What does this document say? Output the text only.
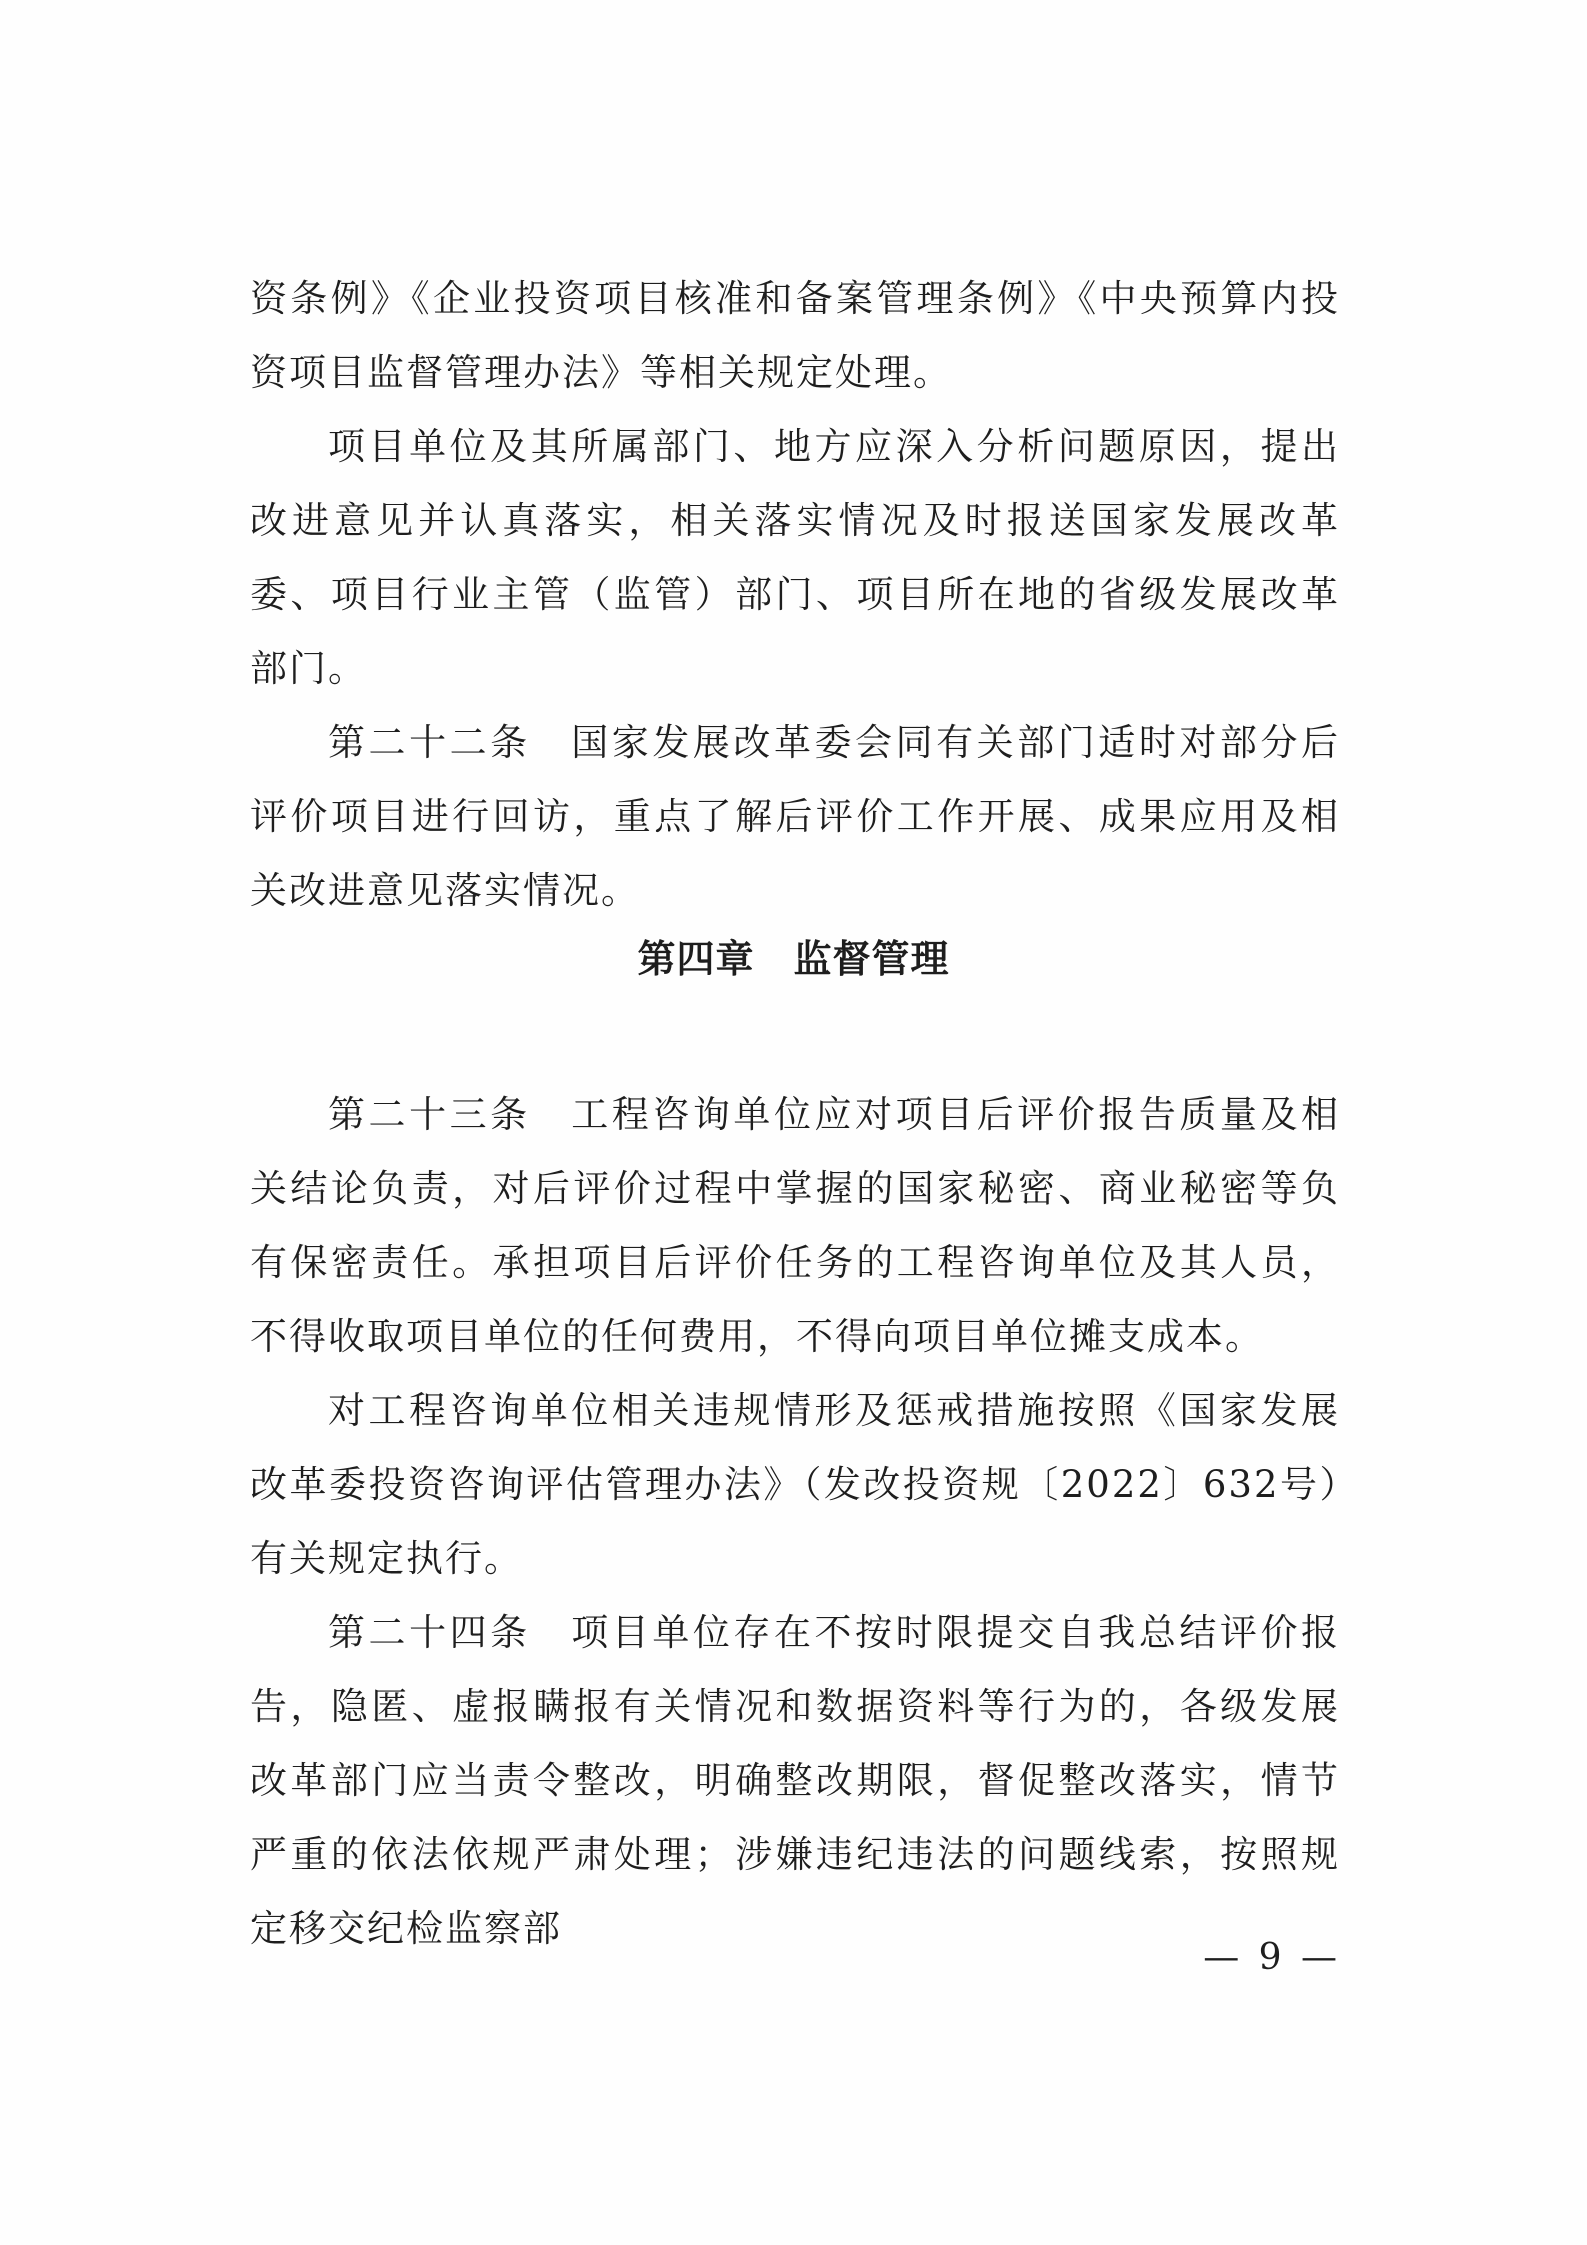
资条例》《企业投资项目核准和备案管理条例》《中央预算内投资项目监督管理办法》等相关规定处理。

项目单位及其所属部门、地方应深入分析问题原因，提出改进意见并认真落实，相关落实情况及时报送国家发展改革委、项目行业主管（监管）部门、项目所在地的省级发展改革部门。

第二十二条　国家发展改革委会同有关部门适时对部分后评价项目进行回访，重点了解后评价工作开展、成果应用及相关改进意见落实情况。

第四章　监督管理

第二十三条　工程咨询单位应对项目后评价报告质量及相关结论负责，对后评价过程中掌握的国家秘密、商业秘密等负有保密责任。承担项目后评价任务的工程咨询单位及其人员，不得收取项目单位的任何费用，不得向项目单位摊支成本。

对工程咨询单位相关违规情形及惩戒措施按照《国家发展改革委投资咨询评估管理办法》（发改投资规〔2022〕632号）有关规定执行。

第二十四条　项目单位存在不按时限提交自我总结评价报告，隐匿、虚报瞒报有关情况和数据资料等行为的，各级发展改革部门应当责令整改，明确整改期限，督促整改落实，情节严重的依法依规严肃处理；涉嫌违纪违法的问题线索，按照规定移交纪检监察部

— 9 —
